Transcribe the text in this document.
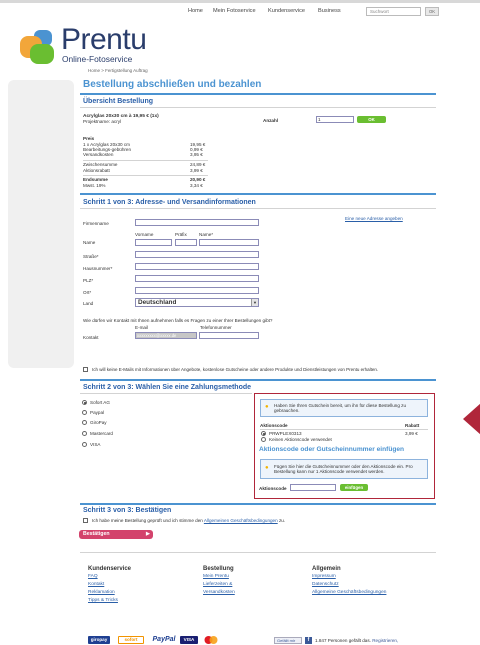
Home Mein Fotoservice Kundenservice Business	Suchwort	OK
Prentu
Online-Fotoservice
Home > Fertigstellung Auftrag
Bestellung abschließen und bezahlen
Übersicht Bestellung
Acrylglas 20x30 cm à 19,95 € (1x)
Projektname: acryl	Anzahl	1	OK
Preis
1 x Acrylglas 20x30 cm	19,95 €
Bearbeitungs-gebühren	0,99 €
Versandkosten	3,95 €
Zwischensumme	24,89 €
Aktionsrabatt	3,99 €
Endsumme	20,90 €
Mwst. 19%	3,34 €
Schritt 1 von 3: Adresse- und Versandinformationen
Eine neue Adresse angeben
Firmenname
Vorname	Präfix	Name*
Name
Straße*
Hausnummer*
PLZ*
Ort*
Land	Deutschland	▼
Wie dürfen wir Kontakt mit Ihnen aufnehmen falls es Fragen zu einer Ihrer Bestellungen gibt?
E-mail	Telefonnummer
Kontakt	xxxxxxxxx@xxxxx.de
Ich will keine E-Mails mit Informationen über Angebote, kostenlose Gutscheine oder andere Produkte und Dienstleistungen von Prentu erhalten.
Schritt 2 von 3: Wählen Sie eine Zahlungsmethode
Sofort AG
Paypal
GiroPay
Mastercard
VISA
● Haben Sie Ihren Gutschein bereit, um ihn für diese Bestellung zu gebrauchen.
Aktionscode	Rabatt
PRWPLEX0313	3,99 €
Keinen Aktionscode verwendet
Aktionscode oder Gutscheinnummer einfügen
● Fügen Sie hier die Gutscheinnummer oder den Aktionscode ein. Pro Bestellung kann nur 1 Aktionscode verwendet werden.
Aktionscode	einfügen
Schritt 3 von 3: Bestätigen
Ich habe meine Bestellung geprüft und ich stimme den Allgemeinen Geschäftsbedingungen zu.
Bestätigen	▶
Kundenservice
FAQ
Kontakt
Reklamation
Tipps & Tricks
Bestellung
Mein Prentu
Lieferzeiten &
Versandkosten
Allgemein
Impressum
Datenschutz
Allgemeine Geschäftsbedingungen
giropay	sofort	PayPal	VISA	Gefällt mir	f	1.847 Personen gefällt das. Registrieren,
